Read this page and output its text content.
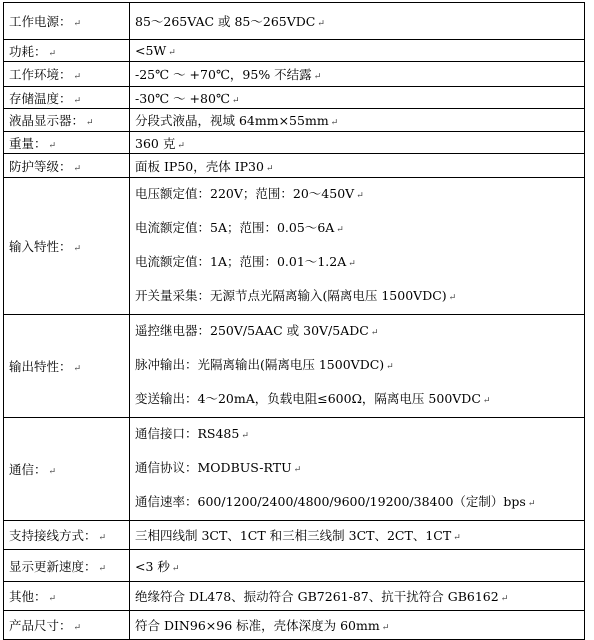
工作电源： ↵	85～265VAC 或 85～265VDC ↵

功耗： ↵	<5W ↵

工作环境： ↵	-25℃ ～ +70℃，95% 不结露 ↵

存储温度： ↵	-30℃ ～ +80℃ ↵

液晶显示器： ↵	分段式液晶，视域 64mm×55mm ↵

重量： ↵	360 克 ↵

防护等级： ↵	面板 IP50，壳体 IP30 ↵

输入特性： ↵	电压额定值：220V；范围：20～450V ↵
电流额定值：5A；范围：0.05～6A ↵
电流额定值：1A；范围：0.01～1.2A ↵
开关量采集：无源节点光隔离输入(隔离电压 1500VDC) ↵

输出特性： ↵	遥控继电器：250V/5AAC 或 30V/5ADC ↵
脉冲输出：光隔离输出(隔离电压 1500VDC) ↵
变送输出：4～20mA，负载电阻≤600Ω，隔离电压 500VDC ↵

通信： ↵	通信接口：RS485 ↵
通信协议：MODBUS-RTU ↵
通信速率：600/1200/2400/4800/9600/19200/38400（定制）bps ↵

支持接线方式： ↵	三相四线制 3CT、1CT 和三相三线制 3CT、2CT、1CT ↵

显示更新速度： ↵	<3 秒 ↵

其他： ↵	绝缘符合 DL478、振动符合 GB7261-87、抗干扰符合 GB6162 ↵

产品尺寸： ↵	符合 DIN96×96 标准，壳体深度为 60mm ↵
